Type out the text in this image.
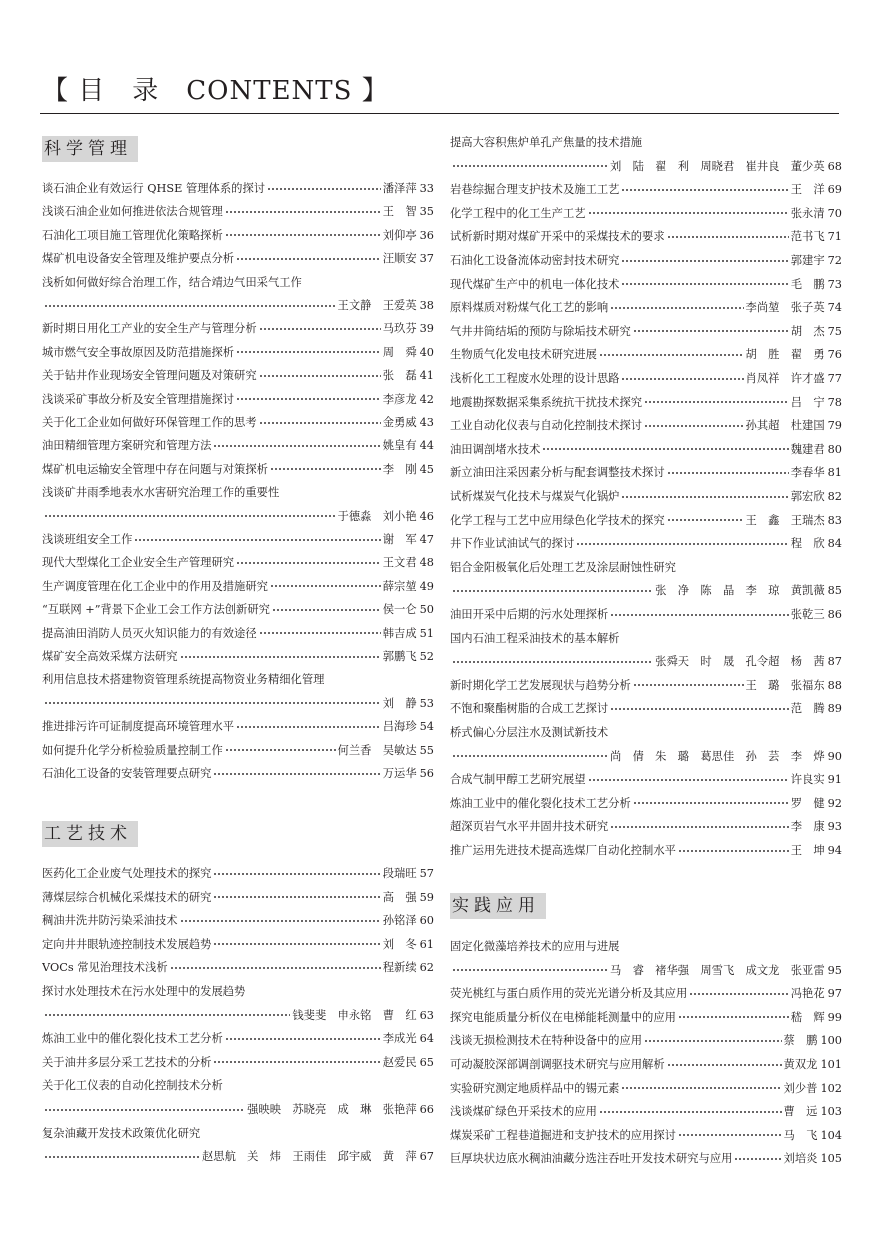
【 目　录　CONTENTS 】
科学管理
谈石油企业有效运行 QHSE 管理体系的探讨	潘泽萍 33
浅谈石油企业如何推进依法合规管理	王　智 35
石油化工项目施工管理优化策略探析	刘仰亭 36
煤矿机电设备安全管理及维护要点分析	汪顺安 37
浅析如何做好综合治理工作，结合靖边气田采气工作
王文静　王爱英 38
新时期日用化工产业的安全生产与管理分析	马玖芬 39
城市燃气安全事故原因及防范措施探析	周　舜 40
关于钻井作业现场安全管理问题及对策研究	张　磊 41
浅谈采矿事故分析及安全管理措施探讨	李彦龙 42
关于化工企业如何做好环保管理工作的思考	金勇威 43
油田精细管理方案研究和管理方法	姚皇有 44
煤矿机电运输安全管理中存在问题与对策探析	李　刚 45
浅谈矿井雨季地表水水害研究治理工作的重要性
于德淼　刘小艳 46
浅谈班组安全工作	谢　军 47
现代大型煤化工企业安全生产管理研究	王文君 48
生产调度管理在化工企业中的作用及措施研究	薛宗堃 49
“互联网 +”背景下企业工会工作方法创新研究	侯一仑 50
提高油田消防人员灭火知识能力的有效途径	韩吉成 51
煤矿安全高效采煤方法研究	郭鹏飞 52
利用信息技术搭建物资管理系统提高物资业务精细化管理
刘　静 53
推进排污许可证制度提高环境管理水平	吕海珍 54
如何提升化学分析检验质量控制工作	何兰香　吴敏达 55
石油化工设备的安装管理要点研究	万运华 56
工艺技术
医药化工企业废气处理技术的探究	段瑞旺 57
薄煤层综合机械化采煤技术的研究	高　强 59
稠油井洗井防污染采油技术	孙铭泽 60
定向井井眼轨迹控制技术发展趋势	刘　冬 61
VOCs 常见治理技术浅析	程新续 62
探讨水处理技术在污水处理中的发展趋势
钱斐斐　申永铭　曹　红 63
炼油工业中的催化裂化技术工艺分析	李成光 64
关于油井多层分采工艺技术的分析	赵爱民 65
关于化工仪表的自动化控制技术分析
强映映　苏晓亮　成　琳　张艳萍 66
复杂油藏开发技术政策优化研究
赵思航　关　炜　王雨佳　邱宇威　黄　萍 67
提高大容积焦炉单孔产焦量的技术措施
刘　陆　翟　利　周晓君　崔井良　董少英 68
岩巷综掘合理支护技术及施工工艺	王　洋 69
化学工程中的化工生产工艺	张永清 70
试析新时期对煤矿开采中的采煤技术的要求	范书飞 71
石油化工设备流体动密封技术研究	郭建宇 72
现代煤矿生产中的机电一体化技术	毛　鹏 73
原料煤质对粉煤气化工艺的影响	李尚堃　张子英 74
气井井筒结垢的预防与除垢技术研究	胡　杰 75
生物质气化发电技术研究进展	胡　胜　翟　勇 76
浅析化工工程废水处理的设计思路	肖凤祥　许才盛 77
地震勘探数据采集系统抗干扰技术探究	吕　宁 78
工业自动化仪表与自动化控制技术探讨	孙其超　杜建国 79
油田调剖堵水技术	魏建君 80
新立油田注采因素分析与配套调整技术探讨	李春华 81
试析煤炭气化技术与煤炭气化锅炉	郭宏欣 82
化学工程与工艺中应用绿色化学技术的探究	王　鑫　王瑞杰 83
井下作业试油试气的探讨	程　欣 84
铝合金阳极氧化后处理工艺及涂层耐蚀性研究
张　净　陈　晶　李　琼　黄凯薇 85
油田开采中后期的污水处理探析	张乾三 86
国内石油工程采油技术的基本解析
张舜天　时　晟　孔令超　杨　茜 87
新时期化学工艺发展现状与趋势分析	王　璐　张福东 88
不饱和聚酯树脂的合成工艺探讨	范　腾 89
桥式偏心分层注水及测试新技术
尚　倩　朱　璐　葛思佳　孙　芸　李　烨 90
合成气制甲醇工艺研究展望	许良实 91
炼油工业中的催化裂化技术工艺分析	罗　健 92
超深页岩气水平井固井技术研究	李　康 93
推广运用先进技术提高选煤厂自动化控制水平	王　坤 94
实践应用
固定化微藻培养技术的应用与进展
马　睿　褚华强　周雪飞　成文龙　张亚雷 95
荧光桃红与蛋白质作用的荧光光谱分析及其应用	冯艳花 97
探究电能质量分析仪在电梯能耗测量中的应用	嵇　辉 99
浅谈无损检测技术在特种设备中的应用	蔡　鹏 100
可动凝胶深部调剖调驱技术研究与应用解析	黄双龙 101
实验研究测定地质样品中的锡元素	刘少普 102
浅谈煤矿绿色开采技术的应用	曹　远 103
煤炭采矿工程巷道掘进和支护技术的应用探讨	马　飞 104
巨厚块状边底水稠油油藏分选注吞吐开发技术研究与应用	刘培炎 105
